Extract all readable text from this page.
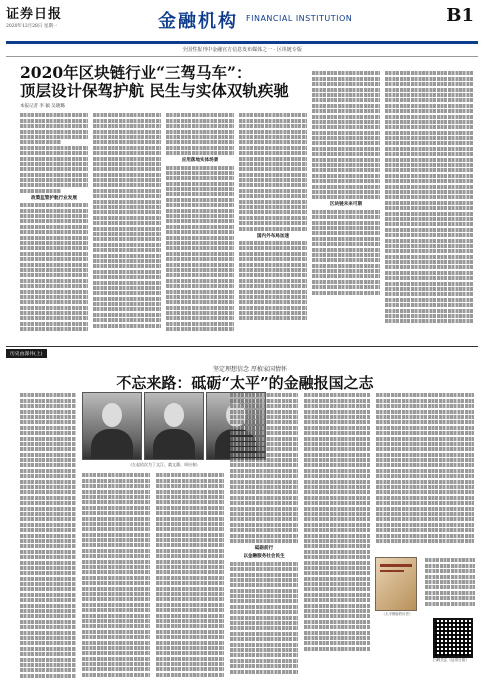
证券日报
2020年12月28日 星期一	金融机构 FINANCIAL INSTITUTION	B1
全国性报刊中金融官方信息发布媒体之一 · 区块链专版
2020年区块链行业“三驾马车”：
顶层设计保驾护航 民生与实体双轨疾驰
本报记者 李 颖 吴晓璐
政策监管护航行业发展
应用落地实体场景
国内外布局加速
区块链未来可期
历史由深井(上)
坚定理想信念 厚植家国情怀
不忘来路：砥砺“太平”的金融报国之志
(左起依次为丁文江、翁文灏、周诒春)
砥砺前行
以金融服务社会民生
《太平保险的历史》
扫码关注《证券日报》
